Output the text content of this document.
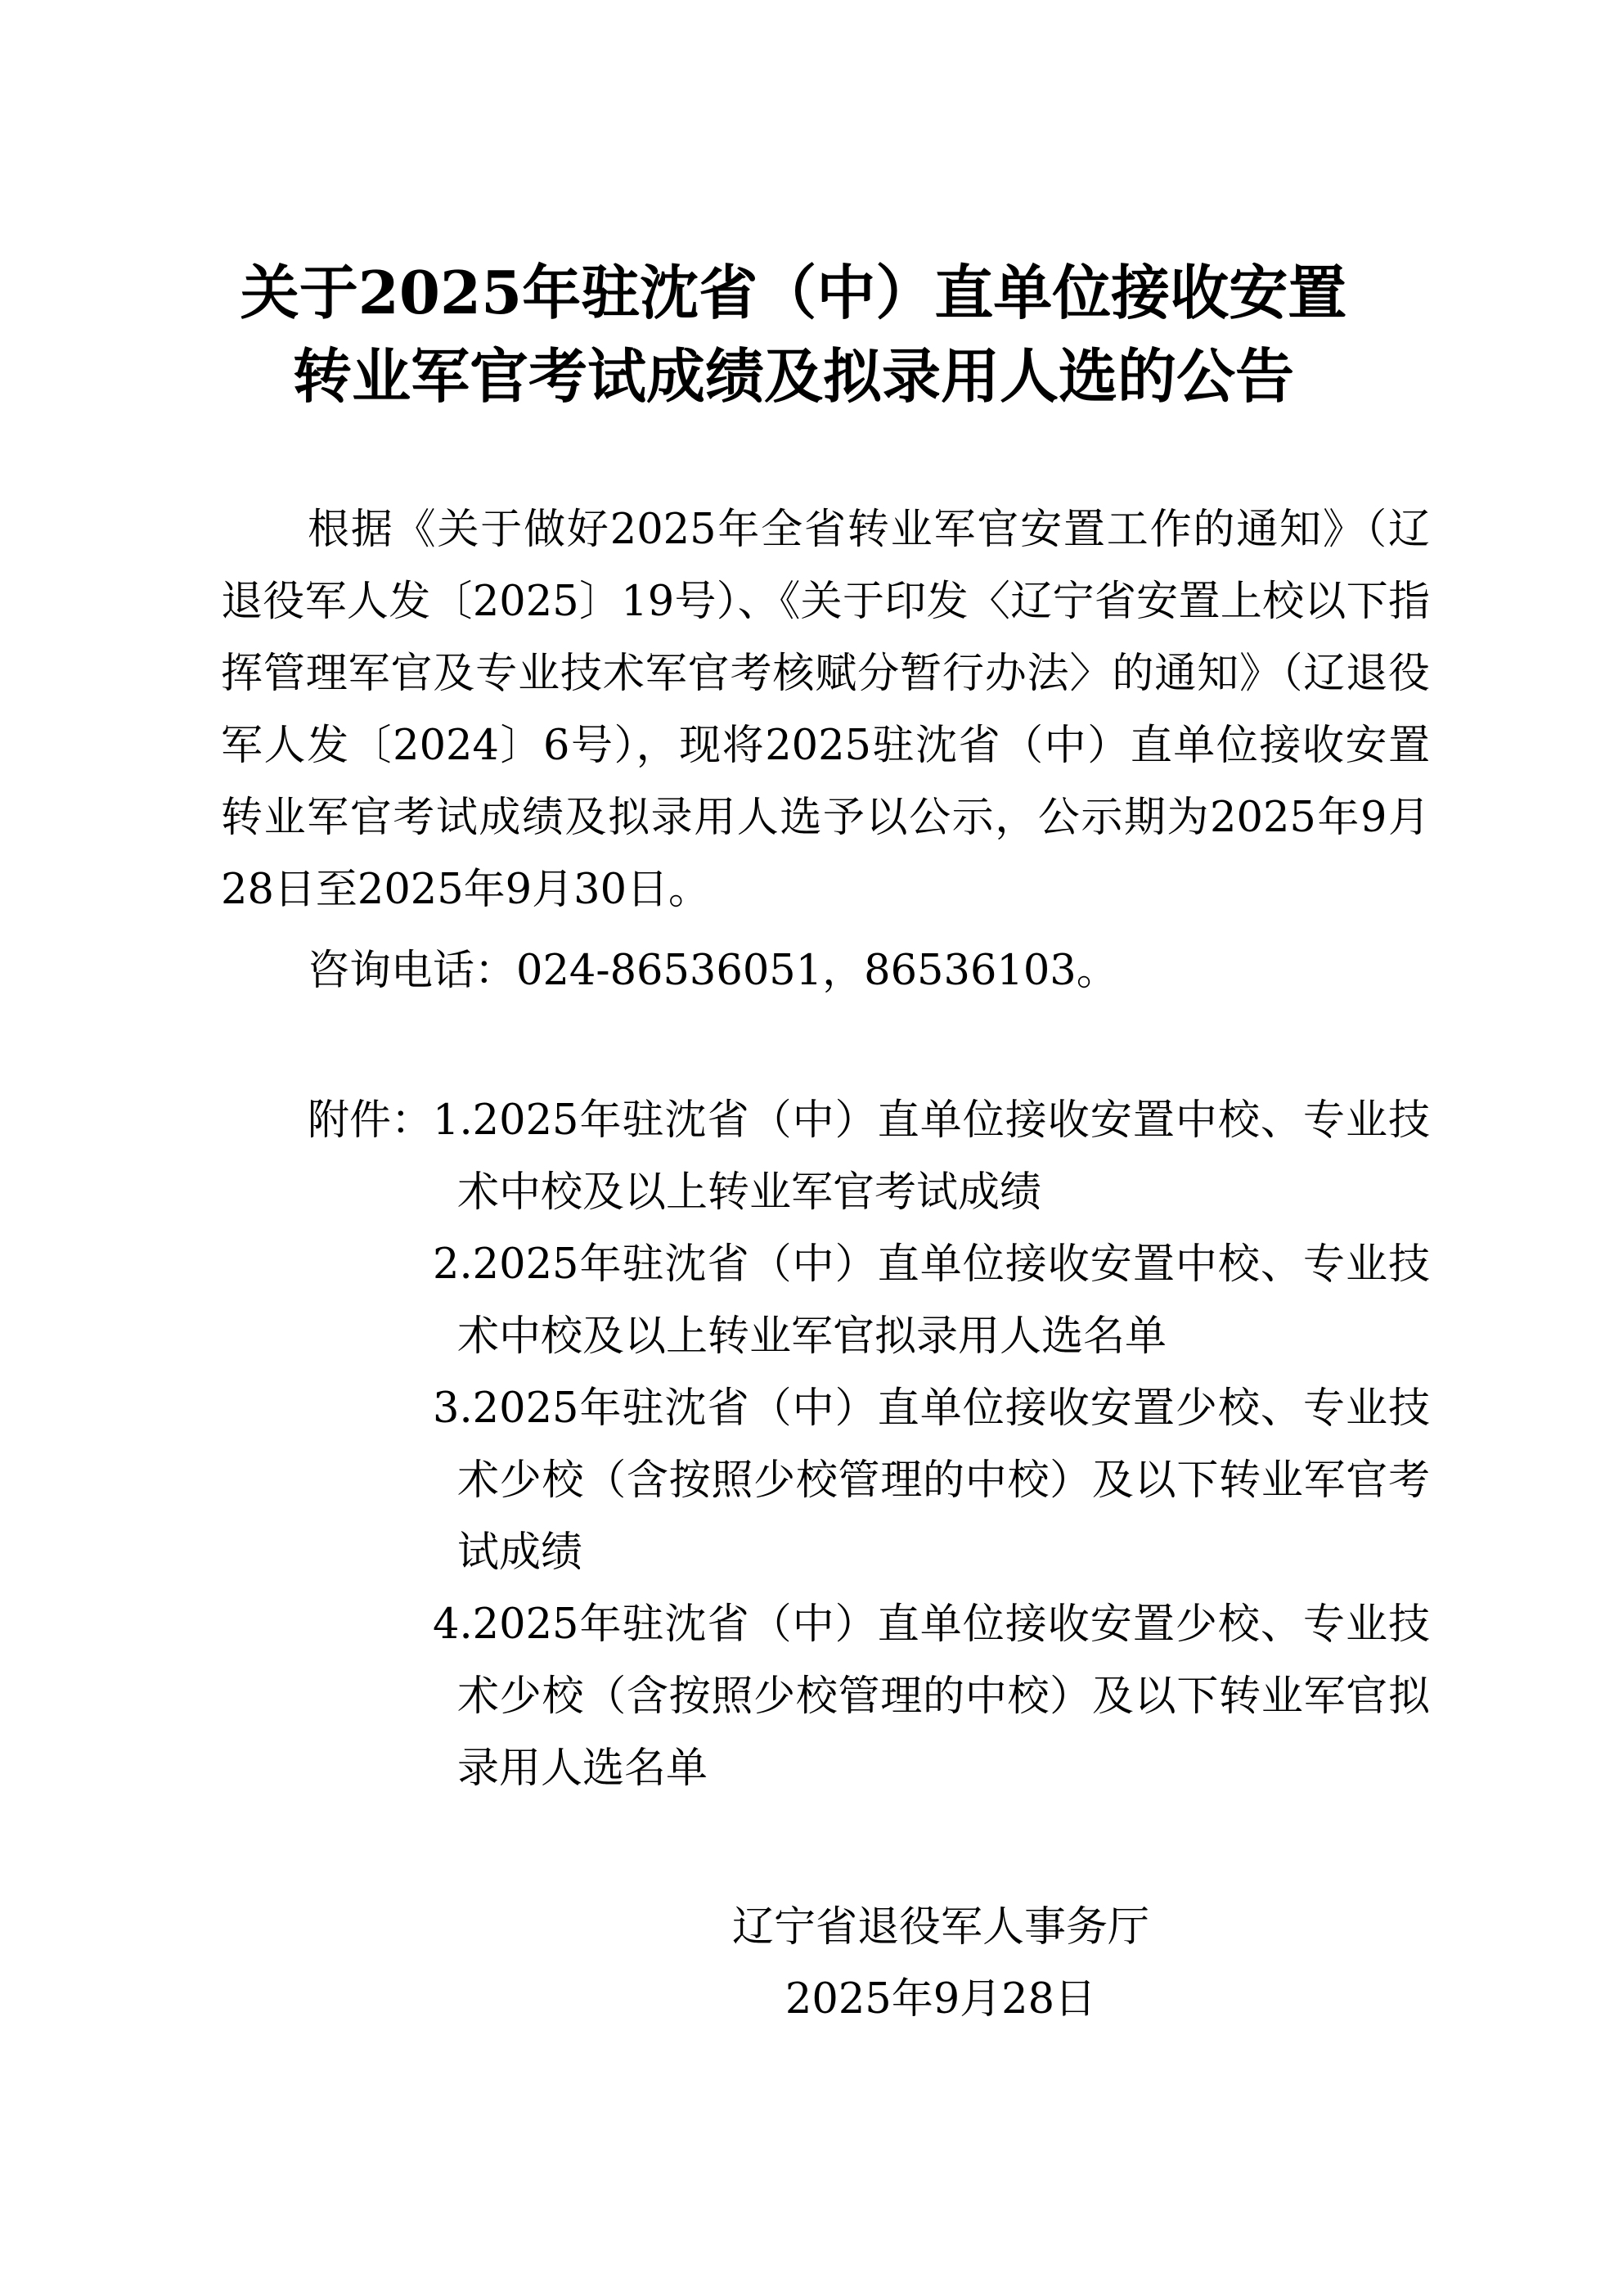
关于2025年驻沈省（中）直单位接收安置
转业军官考试成绩及拟录用人选的公告

根据《关于做好2025年全省转业军官安置工作的通知》（辽退役军人发〔2025〕19号）、《关于印发〈辽宁省安置上校以下指挥管理军官及专业技术军官考核赋分暂行办法〉的通知》（辽退役军人发〔2024〕6号），现将2025驻沈省（中）直单位接收安置转业军官考试成绩及拟录用人选予以公示，公示期为2025年9月28日至2025年9月30日。

咨询电话：024-86536051，86536103。

附件： 1.2025年驻沈省（中）直单位接收安置中校、专业技术中校及以上转业军官考试成绩
2.2025年驻沈省（中）直单位接收安置中校、专业技术中校及以上转业军官拟录用人选名单
3.2025年驻沈省（中）直单位接收安置少校、专业技术少校（含按照少校管理的中校）及以下转业军官考试成绩
4.2025年驻沈省（中）直单位接收安置少校、专业技术少校（含按照少校管理的中校）及以下转业军官拟录用人选名单

辽宁省退役军人事务厅

2025年9月28日
